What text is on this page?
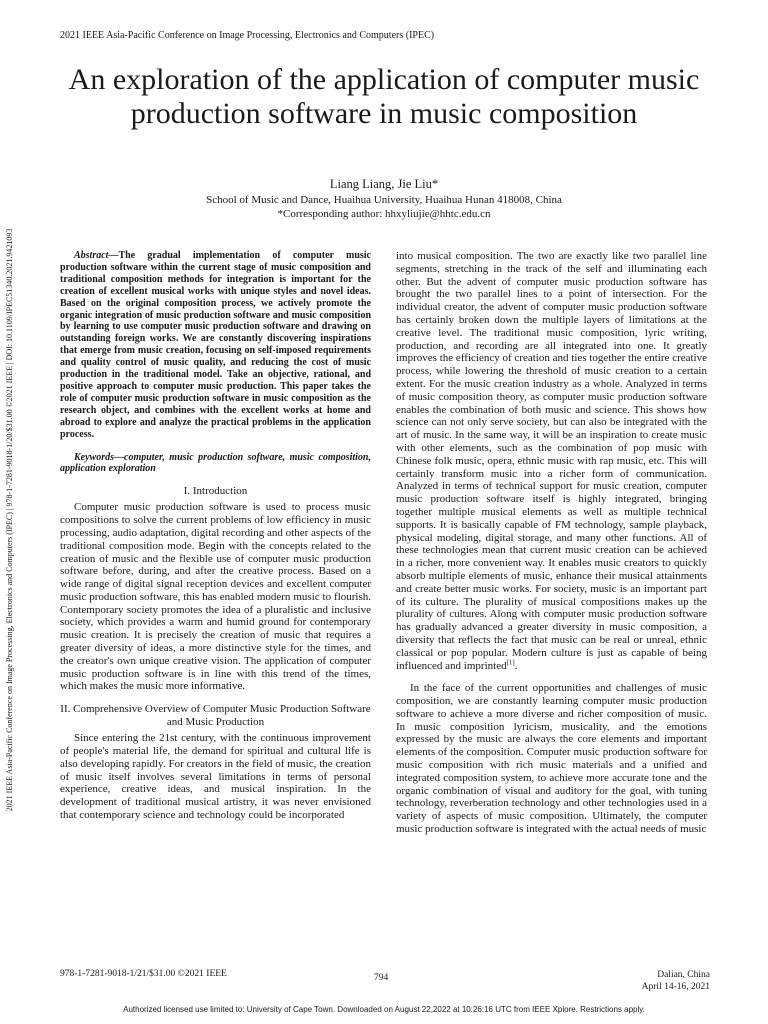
2021 IEEE Asia-Pacific Conference on Image Processing, Electronics and Computers (IPEC)
2021 IEEE Asia-Pacific Conference on Image Processing, Electronics and Computers (IPEC) | 978-1-7281-9018-1/20/$31.00 ©2021 IEEE | DOI: 10.1109/IPEC51340.2021.9421093
An exploration of the application of computer music production software in music composition
Liang Liang, Jie Liu*
School of Music and Dance, Huaihua University, Huaihua Hunan 418008, China
*Corresponding author: hhxyliujie@hhtc.edu.cn

Abstract—The gradual implementation of computer music production software within the current stage of music composition and traditional composition methods for integration is important for the creation of excellent musical works with unique styles and novel ideas. Based on the original composition process, we actively promote the organic integration of music production software and music composition by learning to use computer music production software and drawing on outstanding foreign works. We are constantly discovering inspirations that emerge from music creation, focusing on self-imposed requirements and quality control of music quality, and reducing the cost of music production in the traditional model. Take an objective, rational, and positive approach to computer music production. This paper takes the role of computer music production software in music composition as the research object, and combines with the excellent works at home and abroad to explore and analyze the practical problems in the application process.

Keywords—computer, music production software, music composition, application exploration

I. Introduction

Computer music production software is used to process music compositions to solve the current problems of low efficiency in music processing, audio adaptation, digital recording and other aspects of the traditional composition mode. Begin with the concepts related to the creation of music and the flexible use of computer music production software before, during, and after the creative process. Based on a wide range of digital signal reception devices and excellent computer music production software, this has enabled modern music to flourish. Contemporary society promotes the idea of a pluralistic and inclusive society, which provides a warm and humid ground for contemporary music creation. It is precisely the creation of music that requires a greater diversity of ideas, a more distinctive style for the times, and the creator's own unique creative vision. The application of computer music production software is in line with this trend of the times, which makes the music more informative.

II. Comprehensive Overview of Computer Music Production Software and Music Production

Since entering the 21st century, with the continuous improvement of people's material life, the demand for spiritual and cultural life is also developing rapidly. For creators in the field of music, the creation of music itself involves several limitations in terms of personal experience, creative ideas, and musical inspiration. In the development of traditional musical artistry, it was never envisioned that contemporary science and technology could be incorporated

into musical composition. The two are exactly like two parallel line segments, stretching in the track of the self and illuminating each other. But the advent of computer music production software has brought the two parallel lines to a point of intersection. For the individual creator, the advent of computer music production software has certainly broken down the multiple layers of limitations at the creative level. The traditional music composition, lyric writing, production, and recording are all integrated into one. It greatly improves the efficiency of creation and ties together the entire creative process, while lowering the threshold of music creation to a certain extent. For the music creation industry as a whole. Analyzed in terms of music composition theory, as computer music production software enables the combination of both music and science. This shows how science can not only serve society, but can also be integrated with the art of music. In the same way, it will be an inspiration to create music with other elements, such as the combination of pop music with Chinese folk music, opera, ethnic music with rap music, etc. This will certainly transform music into a richer form of communication. Analyzed in terms of technical support for music creation, computer music production software itself is highly integrated, bringing together multiple musical elements as well as multiple technical supports. It is basically capable of FM technology, sample playback, physical modeling, digital storage, and many other functions. All of these technologies mean that current music creation can be achieved in a richer, more convenient way. It enables music creators to quickly absorb multiple elements of music, enhance their musical attainments and create better music works. For society, music is an important part of its culture. The plurality of musical compositions makes up the plurality of cultures. Along with computer music production software has gradually advanced a greater diversity in music composition, a diversity that reflects the fact that music can be real or unreal, ethnic classical or pop popular. Modern culture is just as capable of being influenced and imprinted[1].

In the face of the current opportunities and challenges of music composition, we are constantly learning computer music production software to achieve a more diverse and richer composition of music. In music composition lyricism, musicality, and the emotions expressed by the music are always the core elements and important elements of the composition. Computer music production software for music composition with rich music materials and a unified and integrated composition system, to achieve more accurate tone and the organic combination of visual and auditory for the goal, with tuning technology, reverberation technology and other technologies used in a variety of aspects of music composition. Ultimately, the computer music production software is integrated with the actual needs of music

978-1-7281-9018-1/21/$31.00 ©2021 IEEE	794	Dalian, China
April 14-16, 2021
Authorized licensed use limited to: University of Cape Town. Downloaded on August 22,2022 at 10:26:16 UTC from IEEE Xplore. Restrictions apply.
